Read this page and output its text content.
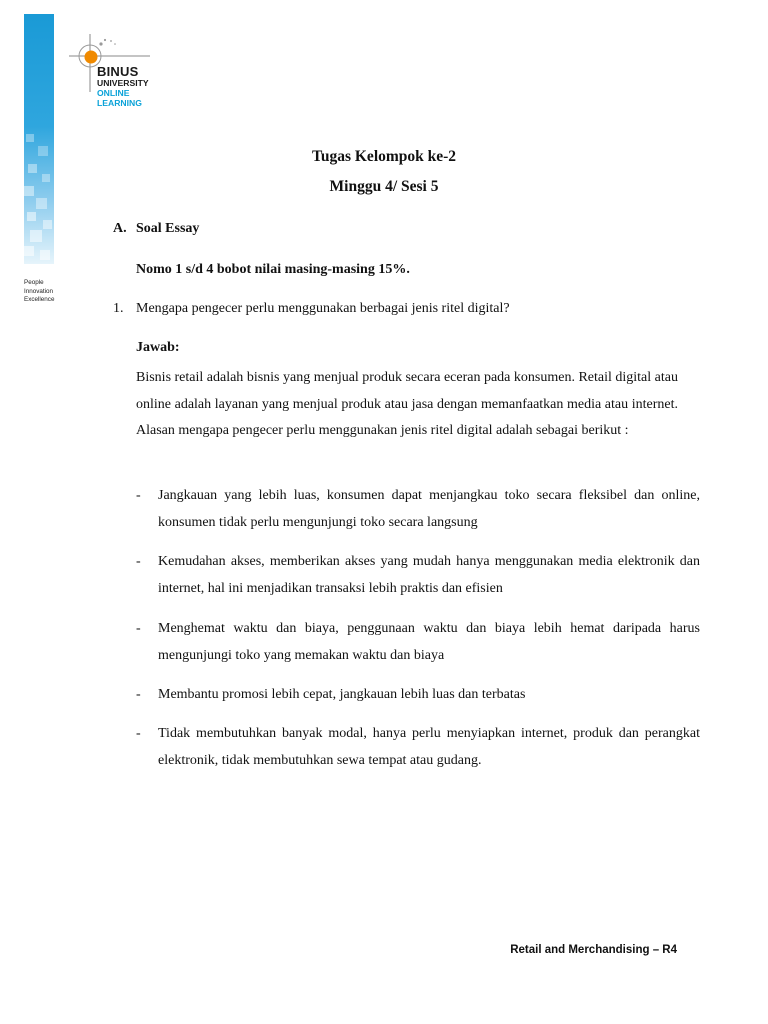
People
Innovation
Excellence
BINUS
UNIVERSITY
ONLINE
LEARNING
Tugas Kelompok ke-2
Minggu 4/ Sesi 5
A. Soal Essay
Nomo 1 s/d 4 bobot nilai masing-masing 15%.
1. Mengapa pengecer perlu menggunakan berbagai jenis ritel digital?
Jawab:
Bisnis retail adalah bisnis yang menjual produk secara eceran pada konsumen. Retail digital atau online adalah layanan yang menjual produk atau jasa dengan memanfaatkan media atau internet. Alasan mengapa pengecer perlu menggunakan jenis ritel digital adalah sebagai berikut :
- Jangkauan yang lebih luas, konsumen dapat menjangkau toko secara fleksibel dan online, konsumen tidak perlu mengunjungi toko secara langsung
- Kemudahan akses, memberikan akses yang mudah hanya menggunakan media elektronik dan internet, hal ini menjadikan transaksi lebih praktis dan efisien
- Menghemat waktu dan biaya, penggunaan waktu dan biaya lebih hemat daripada harus mengunjungi toko yang memakan waktu dan biaya
- Membantu promosi lebih cepat, jangkauan lebih luas dan terbatas
- Tidak membutuhkan banyak modal, hanya perlu menyiapkan internet, produk dan perangkat elektronik, tidak membutuhkan sewa tempat atau gudang.
Retail and Merchandising – R4
